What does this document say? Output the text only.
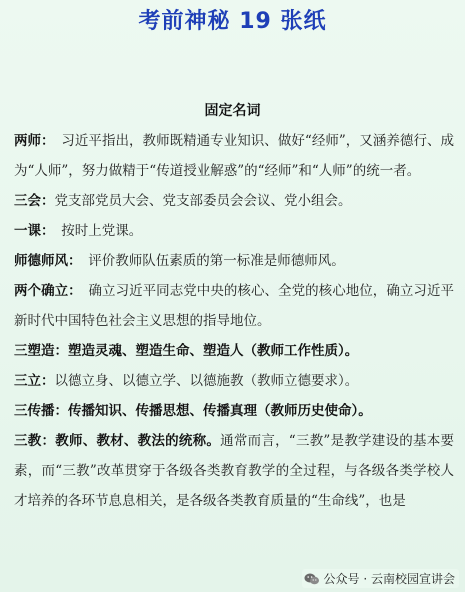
考前神秘 19 张纸
固定名词

两师：　习近平指出，教师既精通专业知识、做好“经师”，又涵养德行、成为“人师”，努力做精于“传道授业解惑”的“经师”和“人师”的统一者。

三会：党支部党员大会、党支部委员会会议、党小组会。

一课：　按时上党课。

师德师风：　评价教师队伍素质的第一标准是师德师风。

两个确立：　确立习近平同志党中央的核心、全党的核心地位，确立习近平新时代中国特色社会主义思想的指导地位。

三塑造：塑造灵魂、塑造生命、塑造人（教师工作性质）。

三立：以德立身、以德立学、以德施教（教师立德要求）。

三传播：传播知识、传播思想、传播真理（教师历史使命）。

三教：教师、教材、教法的统称。通常而言，“三教”是教学建设的基本要素，而“三教”改革贯穿于各级各类教育教学的全过程，与各级各类学校人才培养的各环节息息相关，是各级各类教育质量的“生命线”，也是

公众号 · 云南校园宣讲会
